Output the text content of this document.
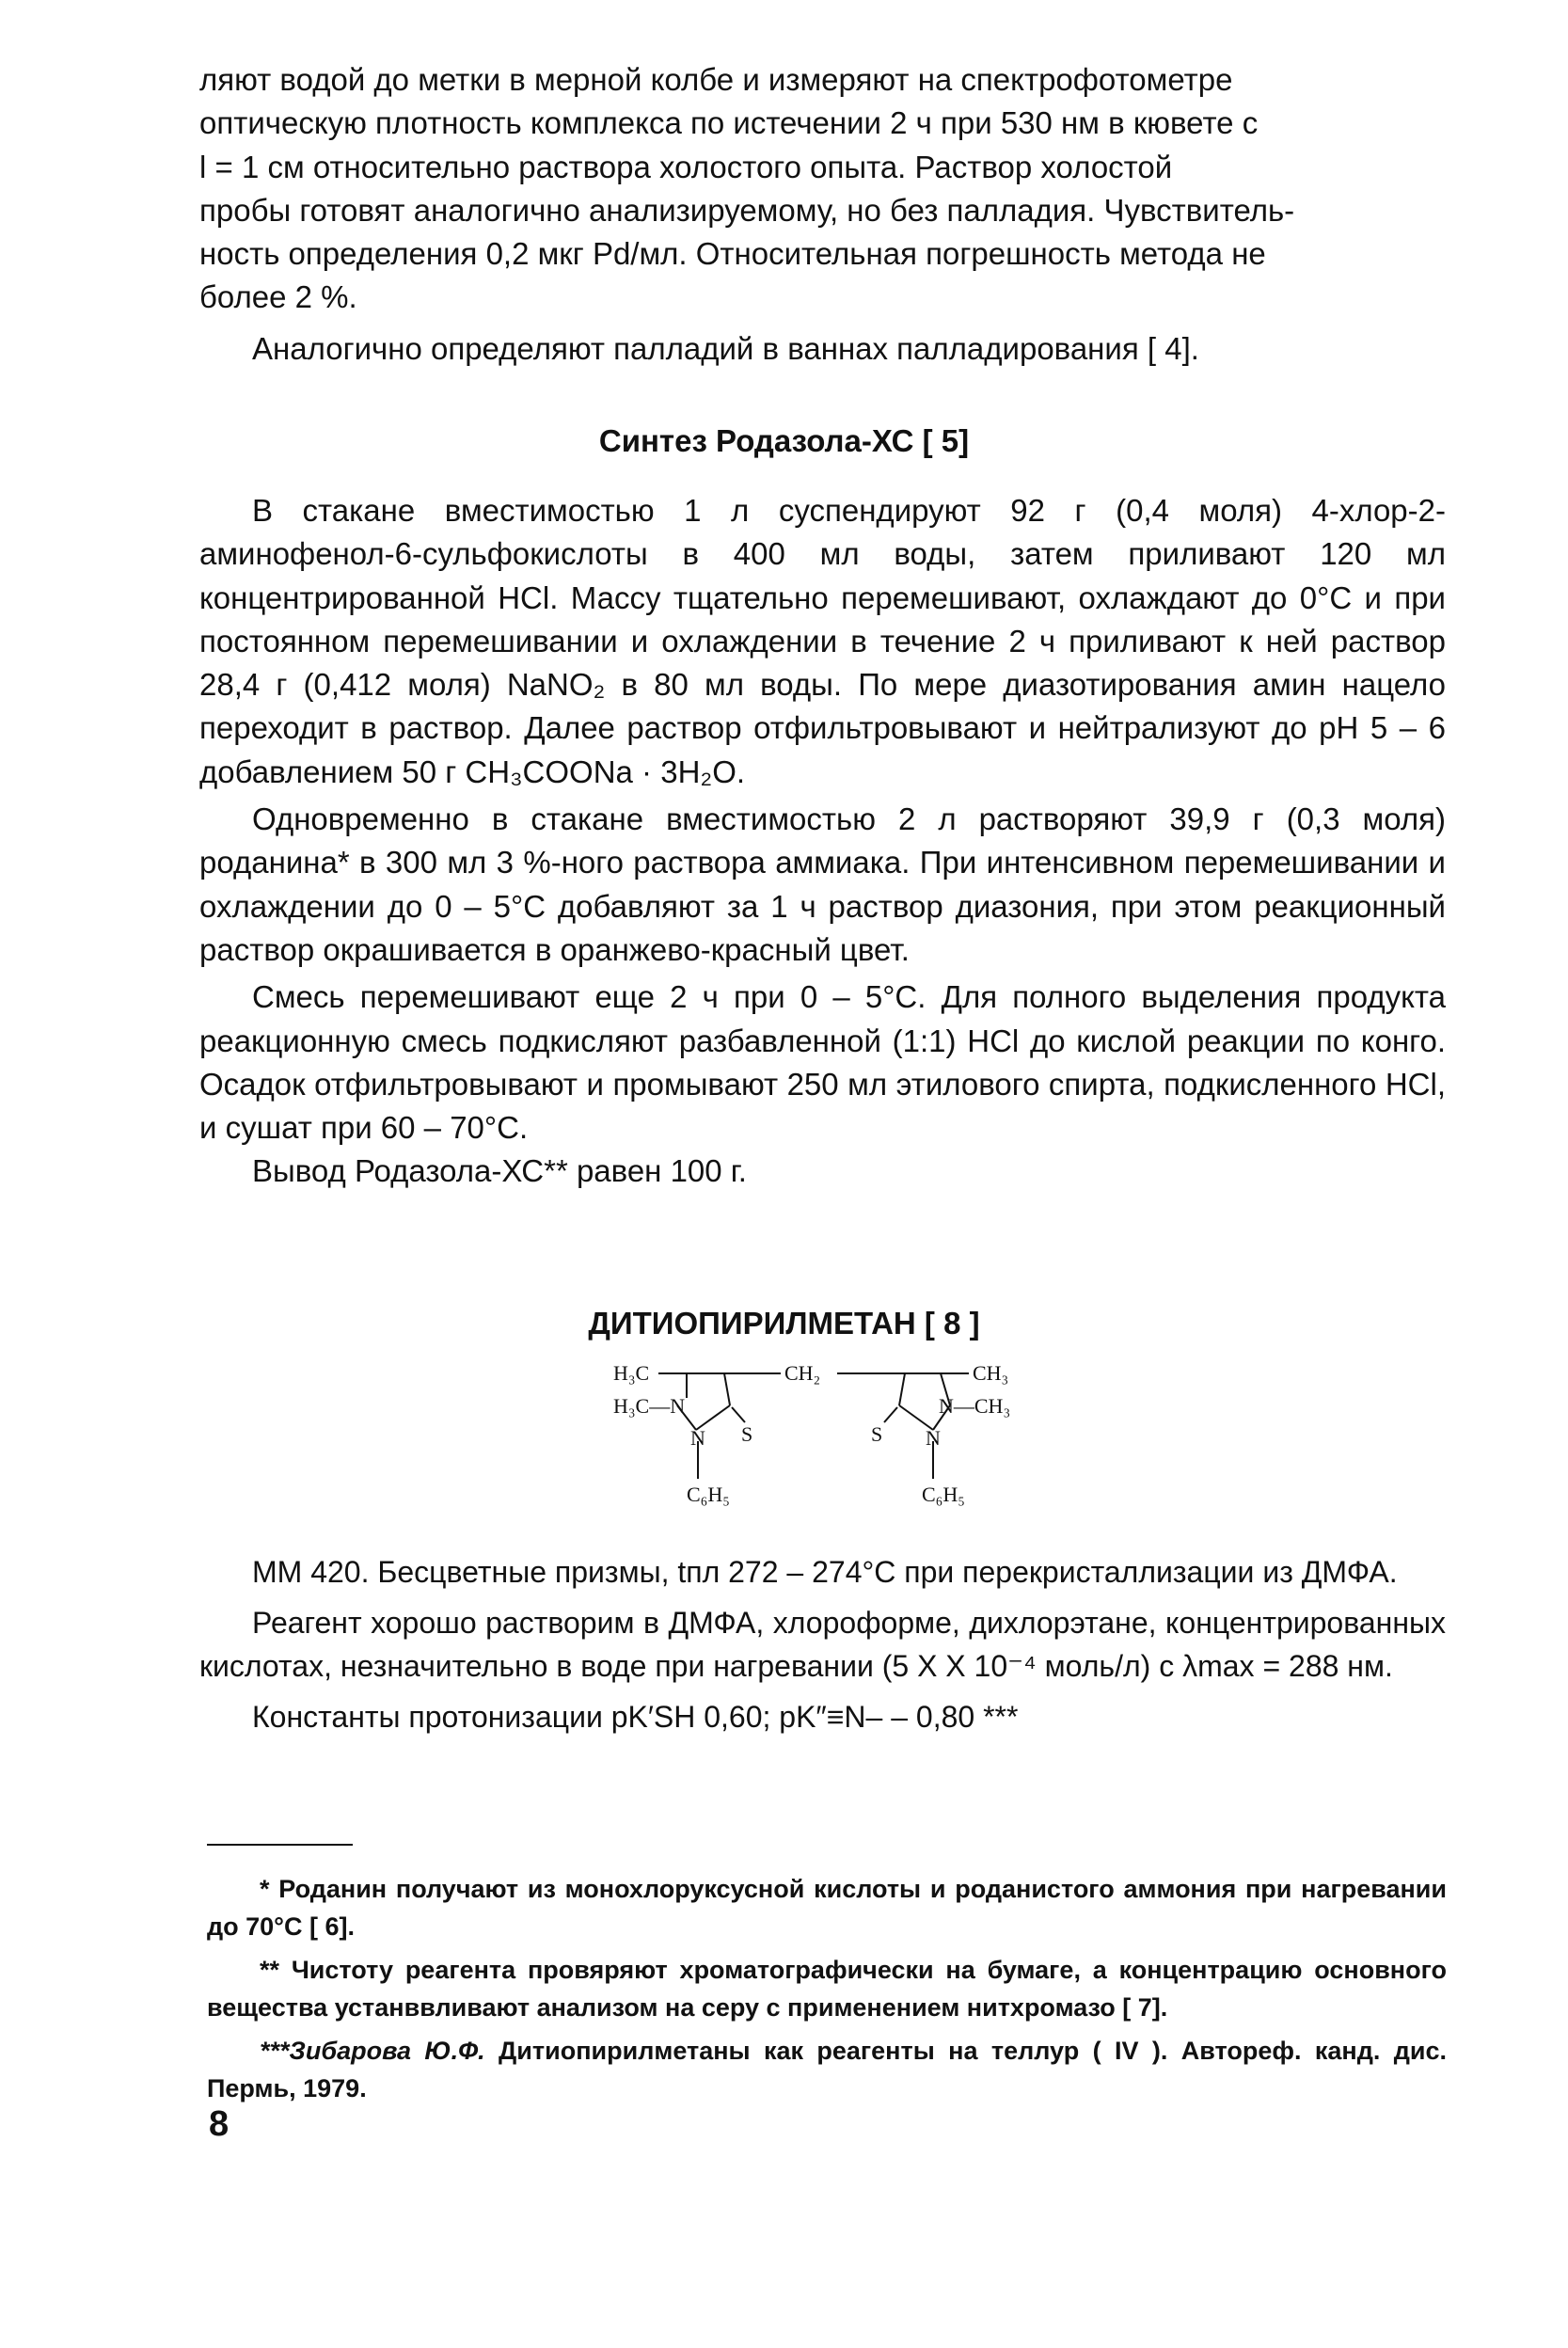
ляют водой до метки в мерной колбе и измеряют на спектрофотометре

оптическую плотность комплекса по истечении 2 ч при 530 нм в кювете с

l = 1 см относительно раствора холостого опыта. Раствор холостой

пробы готовят аналогично анализируемому, но без палладия. Чувствитель-

ность определения 0,2 мкг Pd/мл. Относительная погрешность метода не

более 2 %.

Аналогично определяют палладий в ваннах палладирования [ 4].

Синтез Родазола-ХС [ 5]

В стакане вместимостью 1 л суспендируют 92 г (0,4 моля) 4-хлор-2-аминофенол-6-сульфокислоты в 400 мл воды, затем приливают 120 мл концентрированной HCl. Массу тщательно перемешивают, охлаждают до 0°С и при постоянном перемешивании и охлаждении в течение 2 ч приливают к ней раствор 28,4 г (0,412 моля) NaNO₂ в 80 мл воды. По мере диазотирования амин нацело переходит в раствор. Далее раствор отфильтровывают и нейтрализуют до pH 5 – 6 добавлением 50 г CH₃COONa · 3H₂O.

Одновременно в стакане вместимостью 2 л растворяют 39,9 г (0,3 моля) роданина* в 300 мл 3 %-ного раствора аммиака. При интенсивном перемешивании и охлаждении до 0 – 5°С добавляют за 1 ч раствор диазония, при этом реакционный раствор окрашивается в оранжево-красный цвет.

Смесь перемешивают еще 2 ч при 0 – 5°С. Для полного выделения продукта реакционную смесь подкисляют разбавленной (1:1) HCl до кислой реакции по конго. Осадок отфильтровывают и промывают 250 мл этилового спирта, подкисленного HCl, и сушат при 60 – 70°С.

Вывод Родазола-ХС** равен 100 г.

ДИТИОПИРИЛМЕТАН [ 8 ]
H₃C
H₃C—N
CH₂	CH₃
N—CH₃
N	N
S	S
C₆H₅	C₆H₅

ММ 420. Бесцветные призмы, tпл 272 – 274°С при перекристаллизации из ДМФА.

Реагент хорошо растворим в ДМФА, хлороформе, дихлорэтане, концентрированных кислотах, незначительно в воде при нагревании (5 X X 10⁻⁴ моль/л) с λmax = 288 нм.

Константы протонизации pK′SH 0,60; pK″≡N– – 0,80 ***

* Роданин получают из монохлоруксусной кислоты и роданистого аммония при нагревании до 70°С [ 6].

** Чистоту реагента провяряют хроматографически на бумаге, а концентрацию основного вещества устанввливают анализом на серу с применением нитхромазо [ 7].

***Зибарова Ю.Ф. Дитиопирилметаны как реагенты на теллур ( IV ). Автореф. канд. дис. Пермь, 1979.

8
